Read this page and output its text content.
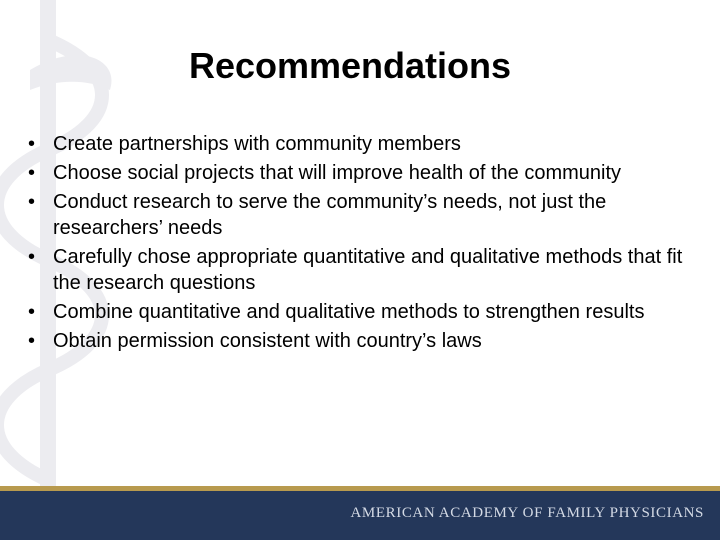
Recommendations
• Create partnerships with community members
• Choose social projects that will improve health of the community
• Conduct research to serve the community’s needs, not just the researchers’ needs
• Carefully chose appropriate quantitative and qualitative methods that fit the research questions
• Combine quantitative and qualitative methods to strengthen results
• Obtain permission consistent with country’s laws
AMERICAN ACADEMY OF FAMILY PHYSICIANS
